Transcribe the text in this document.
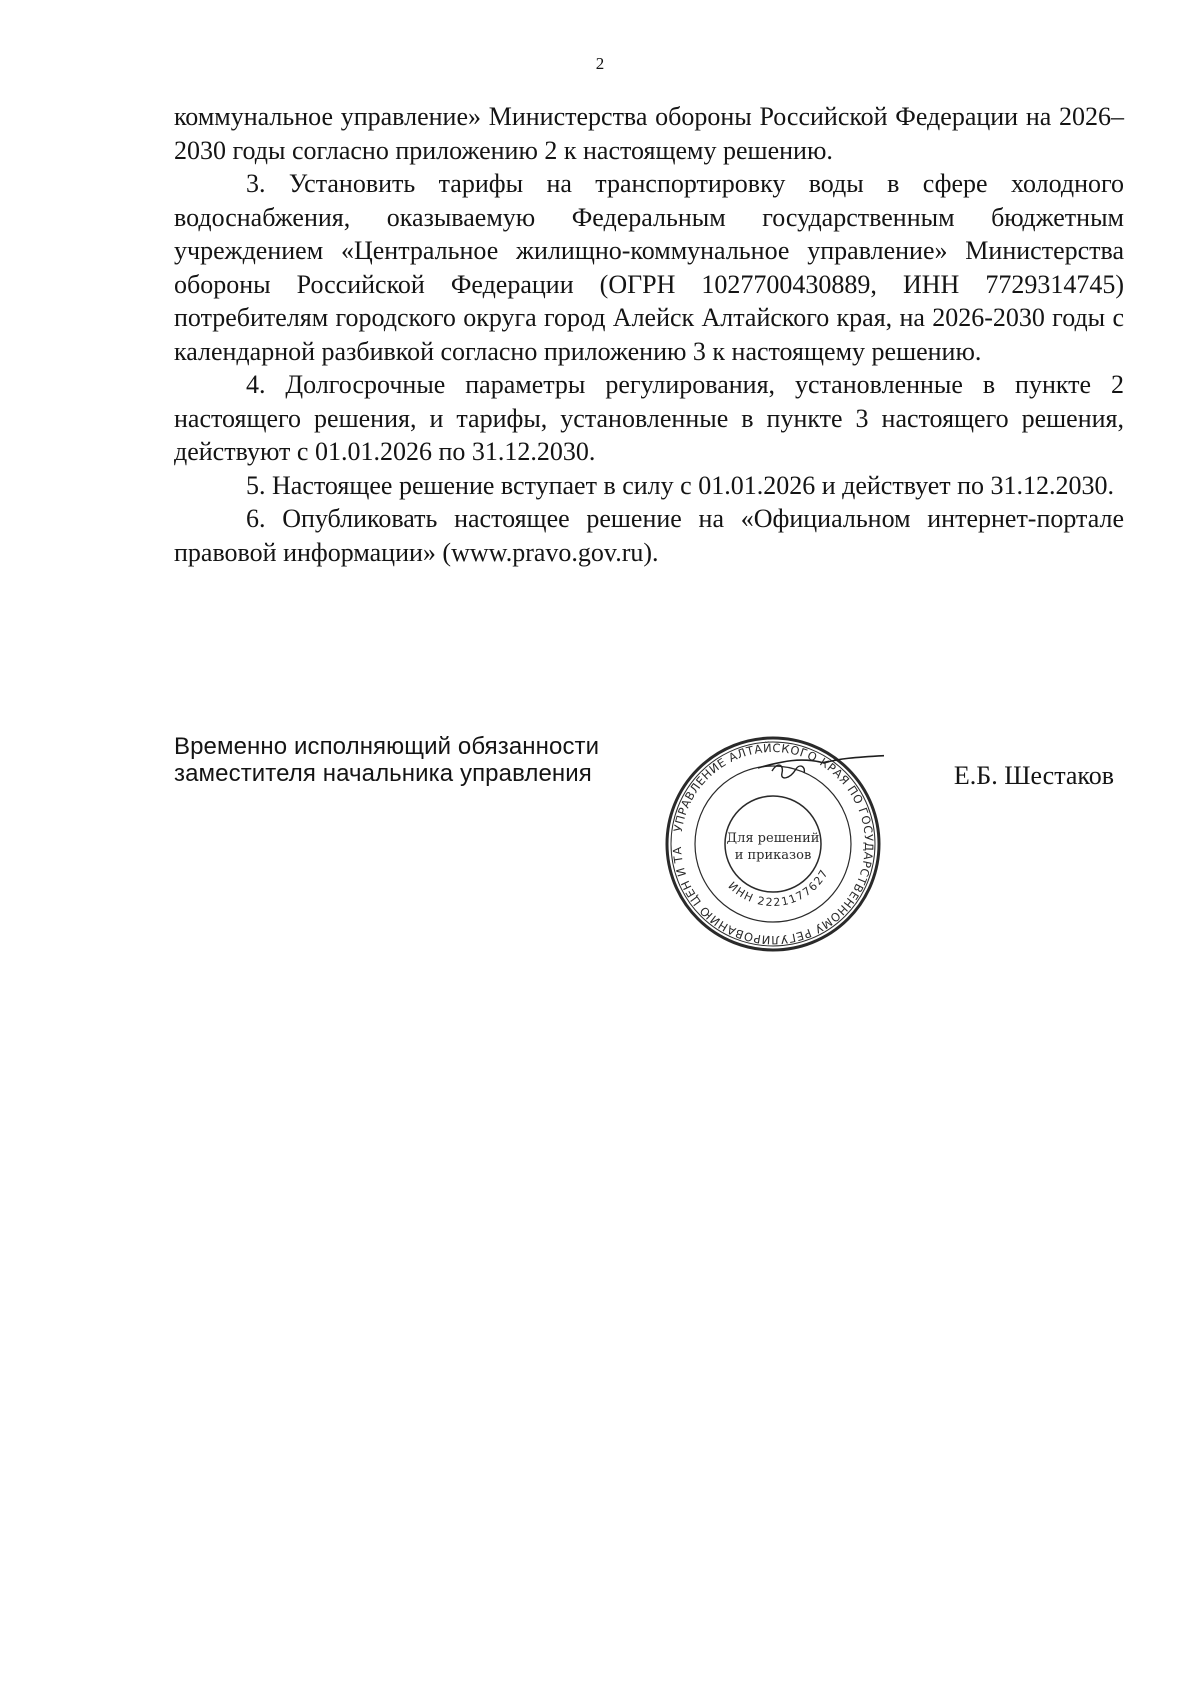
2

коммунальное управление» Министерства обороны Российской Федерации на 2026–2030 годы согласно приложению 2 к настоящему решению.

3. Установить тарифы на транспортировку воды в сфере холодного водоснабжения, оказываемую Федеральным государственным бюджетным учреждением «Центральное жилищно-коммунальное управление» Министерства обороны Российской Федерации (ОГРН 1027700430889, ИНН 7729314745) потребителям городского округа город Алейск Алтайского края, на 2026-2030 годы с календарной разбивкой согласно приложению 3 к настоящему решению.

4. Долгосрочные параметры регулирования, установленные в пункте 2 настоящего решения, и тарифы, установленные в пункте 3 настоящего решения, действуют с 01.01.2026 по 31.12.2030.

5. Настоящее решение вступает в силу с 01.01.2026 и действует по 31.12.2030.

6. Опубликовать настоящее решение на «Официальном интернет-портале правовой информации» (www.pravo.gov.ru).

Временно исполняющий обязанности
заместителя начальника управления
УПРАВЛЕНИЕ АЛТАЙСКОГО КРАЯ ПО ГОСУДАРСТВЕННОМУ РЕГУЛИРОВАНИЮ ЦЕН И ТА
ИНН 2221177627
Для решений
и приказов
Е.Б. Шестаков
